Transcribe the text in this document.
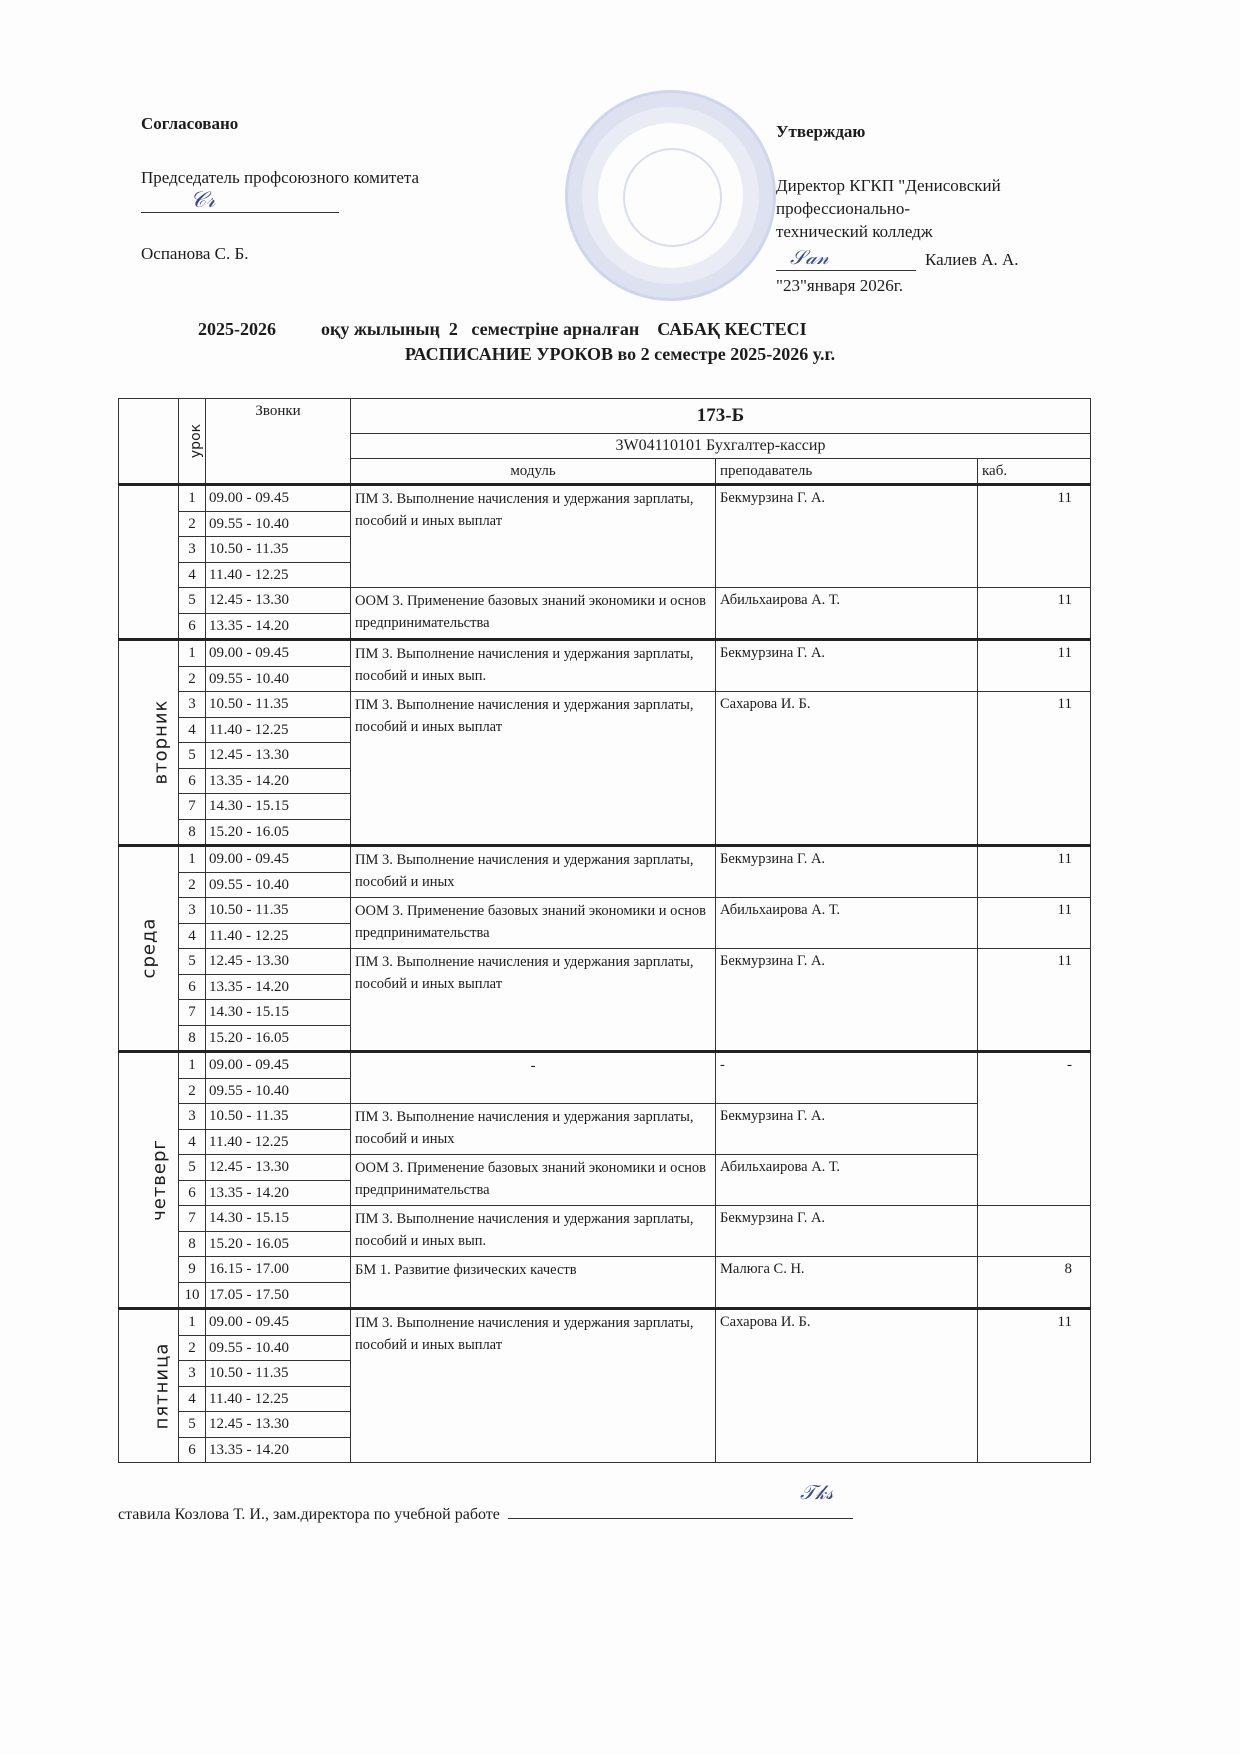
Согласовано
Председатель профсоюзного комитета
𝒞𝓇
Оспанова С. Б.
Утверждаю
Директор КГКП "Денисовский
профессионально-
технический колледж
𝒮𝒶𝓃	Калиев А. А.
"23"января 2026г.
2025-2026          оқу жылының  2   семестріне арналған    САБАҚ КЕСТЕСІ
РАСПИСАНИЕ УРОКОВ во 2 семестре 2025-2026 у.г.
	урок	Звонки	173-Б		
			3W04110101 Бухгалтер-кассир		
			модуль	преподаватель	каб.
понедельник	1	09.00 - 09.45	ПМ 3. Выполнение начисления и удержания зарплаты, пособий и иных выплат	Бекмурзина Г. А.	11
	2	09.55 - 10.40			
	3	10.50 - 11.35			
	4	11.40 - 12.25			
	5	12.45 - 13.30	ООМ 3. Применение базовых знаний экономики и основ предпринимательства	Абильхаирова А. Т.	11
	6	13.35 - 14.20			
вторник	1	09.00 - 09.45	ПМ 3. Выполнение начисления и удержания зарплаты, пособий и иных вып.	Бекмурзина Г. А.	11
	2	09.55 - 10.40			
	3	10.50 - 11.35	ПМ 3. Выполнение начисления и удержания зарплаты, пособий и иных выплат	Сахарова И. Б.	11
	4	11.40 - 12.25			
	5	12.45 - 13.30			
	6	13.35 - 14.20			
	7	14.30 - 15.15			
	8	15.20 - 16.05			
среда	1	09.00 - 09.45	ПМ 3. Выполнение начисления и удержания зарплаты, пособий и иных	Бекмурзина Г. А.	11
	2	09.55 - 10.40			
	3	10.50 - 11.35	ООМ 3. Применение базовых знаний экономики и основ предпринимательства	Абильхаирова А. Т.	11
	4	11.40 - 12.25			
	5	12.45 - 13.30	ПМ 3. Выполнение начисления и удержания зарплаты, пособий и иных выплат	Бекмурзина Г. А.	11
	6	13.35 - 14.20			
	7	14.30 - 15.15			
	8	15.20 - 16.05			
четверг	1	09.00 - 09.45	-	-	-
	2	09.55 - 10.40			
	3	10.50 - 11.35	ПМ 3. Выполнение начисления и удержания зарплаты, пособий и иных	Бекмурзина Г. А.	
	4	11.40 - 12.25			
	5	12.45 - 13.30	ООМ 3. Применение базовых знаний экономики и основ предпринимательства	Абильхаирова А. Т.	
	6	13.35 - 14.20			
	7	14.30 - 15.15	ПМ 3. Выполнение начисления и удержания зарплаты, пособий и иных вып.	Бекмурзина Г. А.	
	8	15.20 - 16.05			
	9	16.15 - 17.00	БМ 1. Развитие физических качеств	Малюга С. Н.	8
	10	17.05 - 17.50			
пятница	1	09.00 - 09.45	ПМ 3. Выполнение начисления и удержания зарплаты, пособий и иных выплат	Сахарова И. Б.	11
	2	09.55 - 10.40			
	3	10.50 - 11.35			
	4	11.40 - 12.25			
	5	12.45 - 13.30			
	6	13.35 - 14.20			
ставила Козлова Т. И., зам.директора по учебной работе
𝒯𝓀𝓈
